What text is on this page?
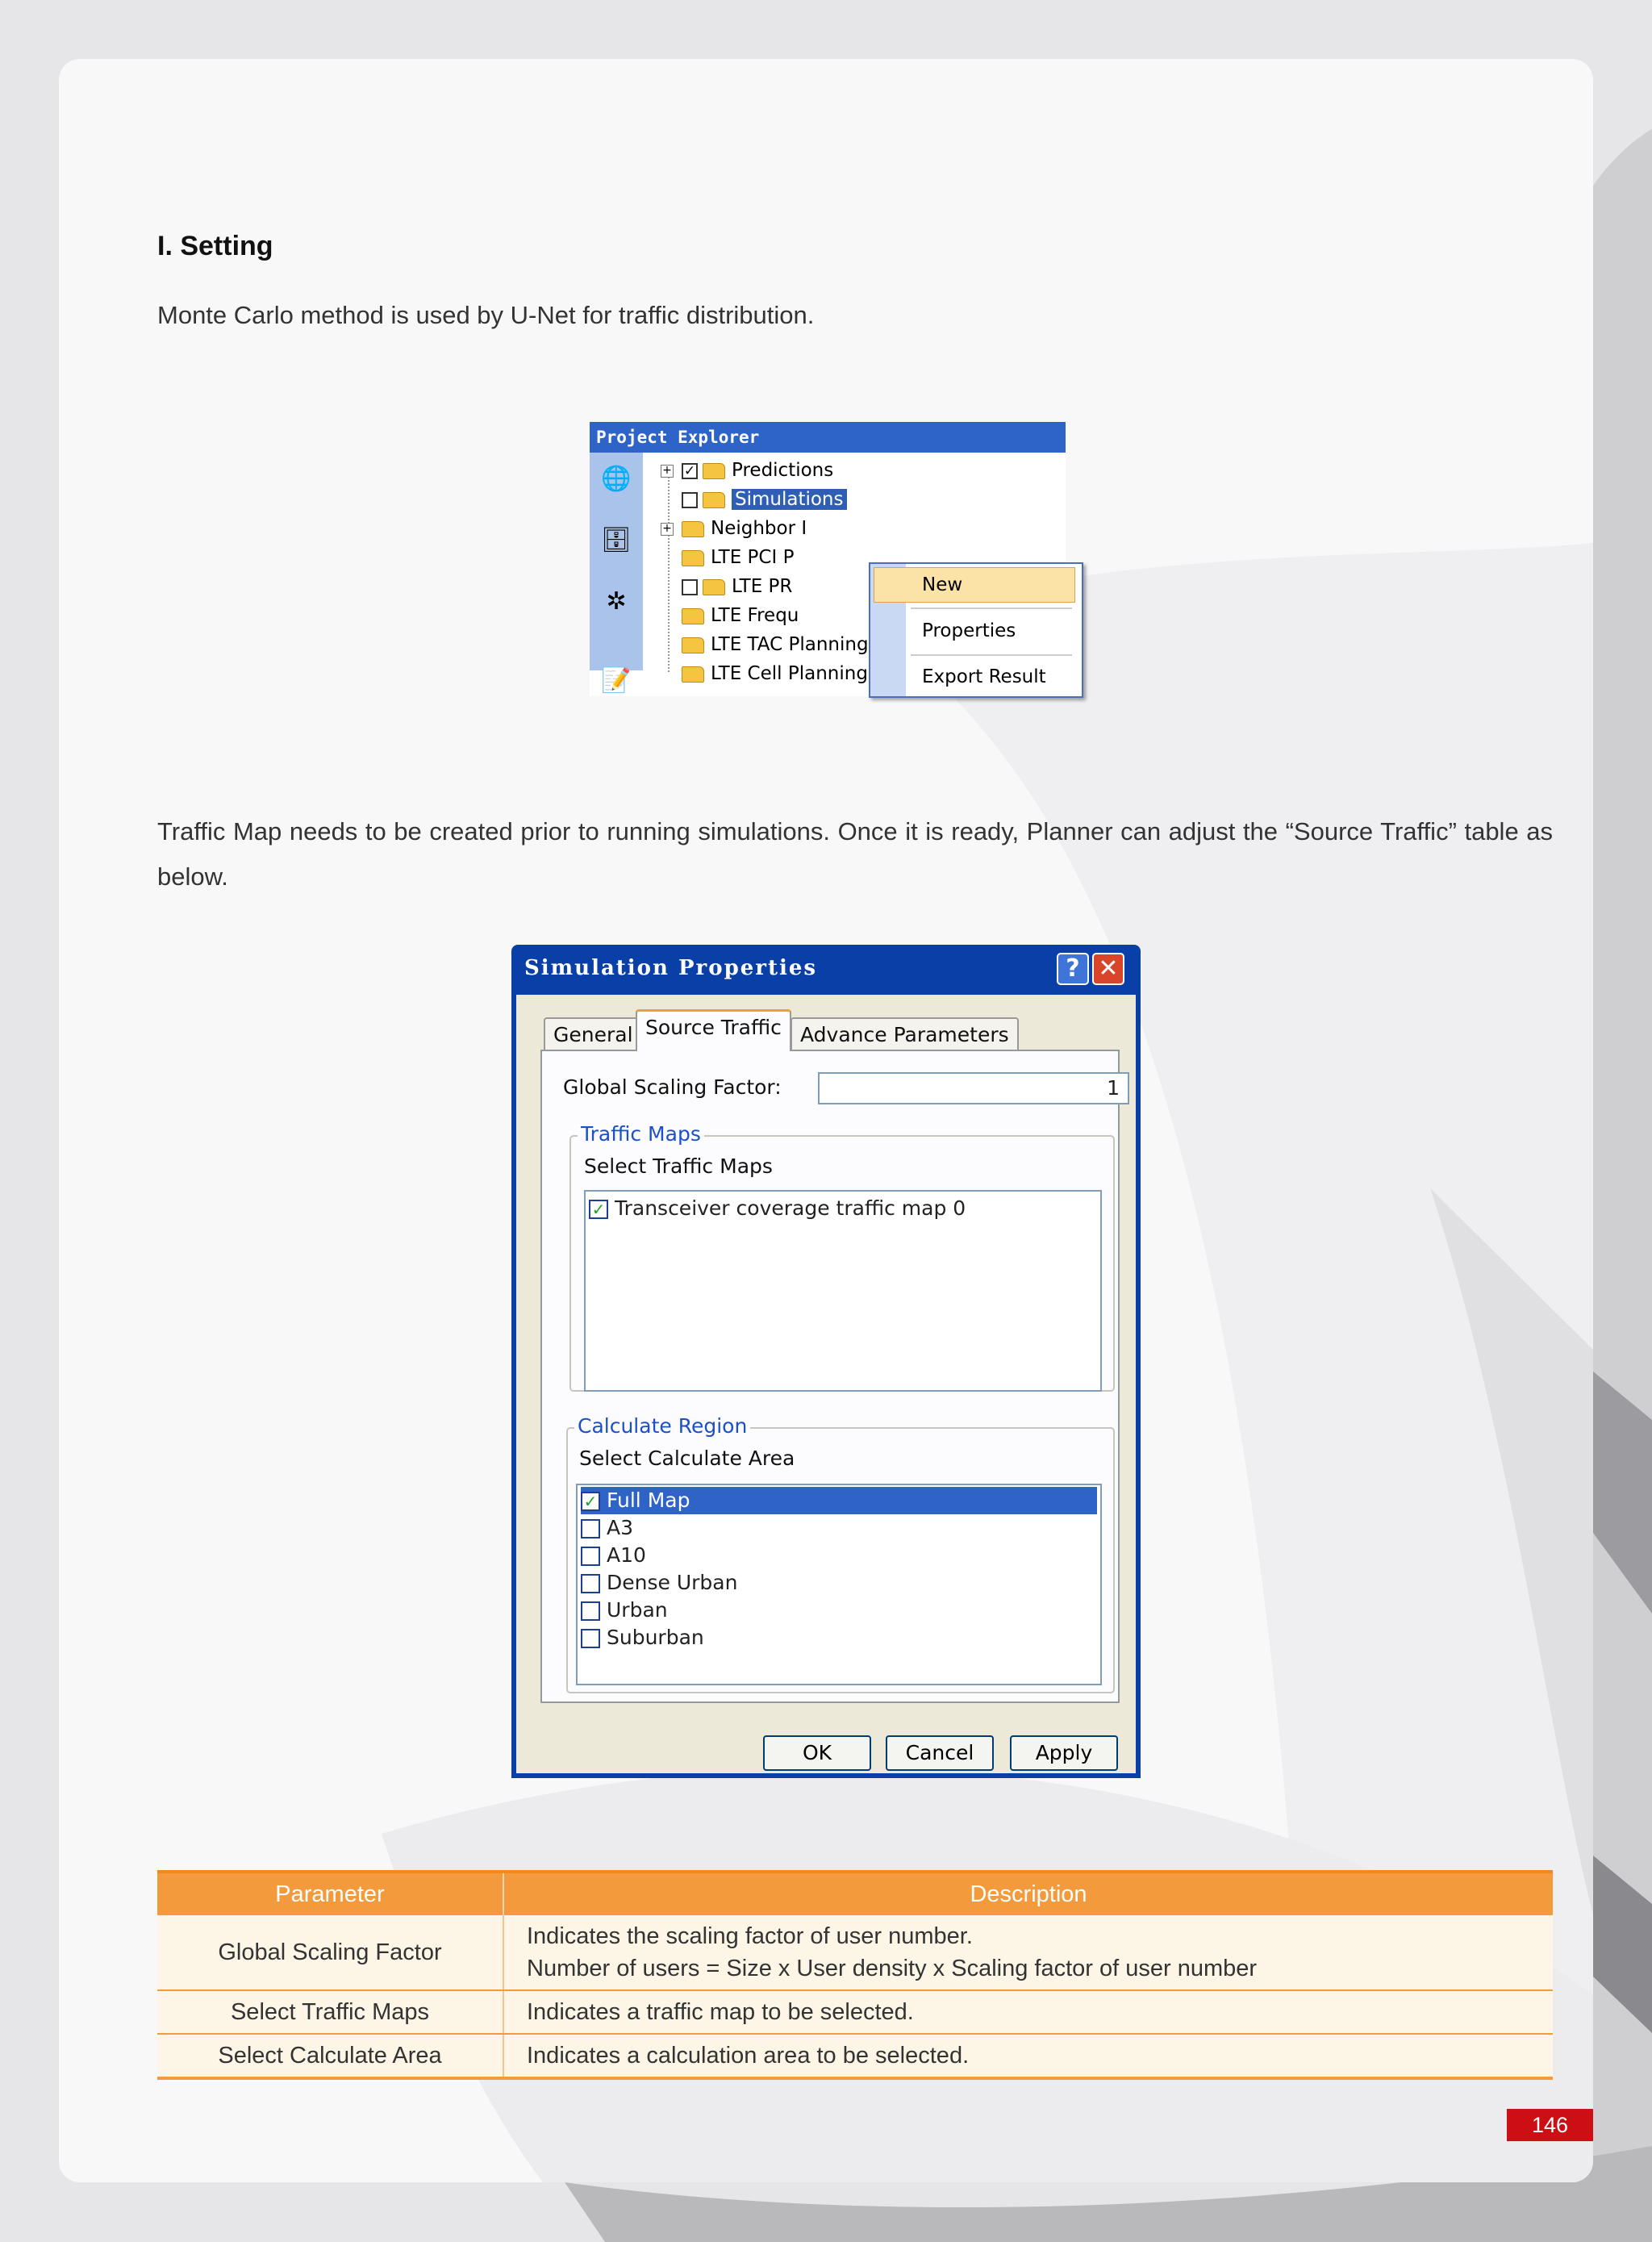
I. Setting
Monte Carlo method is used by U-Net for traffic distribution.
Project Explorer
🌐
🗄
✲
📝
+ ✓ Predictions
Simulations
+ Neighbor I
LTE PCI P
LTE PR
LTE Frequ
LTE TAC Planning
LTE Cell Planning
New
Properties
Export Result
Traffic Map needs to be created prior to running simulations. Once it is ready, Planner can adjust the “Source Traffic” table as below.
Simulation Properties	? ✕
General Source Traffic Advance Parameters
Global Scaling Factor:	1
Traffic Maps
Select Traffic Maps
✓ Transceiver coverage traffic map 0
Calculate Region
Select Calculate Area
✓ Full Map
A3
A10
Dense Urban
Urban
Suburban
OK	Cancel	Apply
Parameter	Description
Global Scaling Factor	Indicates the scaling factor of user number.
Number of users = Size x User density x Scaling factor of user number

Select Traffic Maps	Indicates a traffic map to be selected.
Select Calculate Area	Indicates a calculation area to be selected.
146
